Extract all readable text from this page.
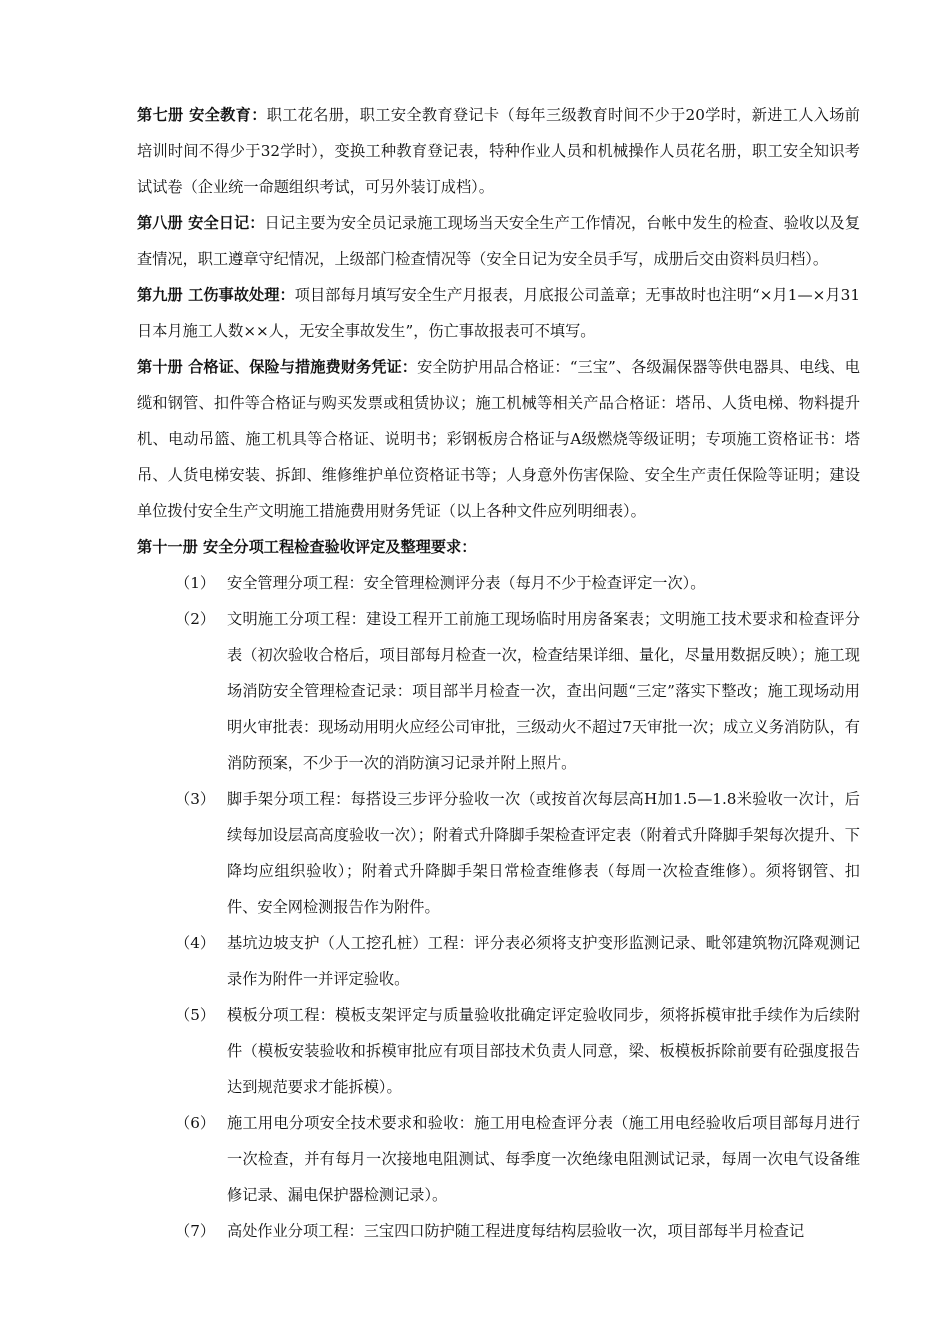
第七册 安全教育：职工花名册，职工安全教育登记卡（每年三级教育时间不少于20学时，新进工人入场前培训时间不得少于32学时），变换工种教育登记表，特种作业人员和机械操作人员花名册，职工安全知识考试试卷（企业统一命题组织考试，可另外装订成档）。

第八册 安全日记：日记主要为安全员记录施工现场当天安全生产工作情况，台帐中发生的检查、验收以及复查情况，职工遵章守纪情况，上级部门检查情况等（安全日记为安全员手写，成册后交由资料员归档）。

第九册 工伤事故处理：项目部每月填写安全生产月报表，月底报公司盖章；无事故时也注明“×月1—×月31日本月施工人数××人，无安全事故发生”，伤亡事故报表可不填写。

第十册 合格证、保险与措施费财务凭证：安全防护用品合格证：“三宝”、各级漏保器等供电器具、电线、电缆和钢管、扣件等合格证与购买发票或租赁协议；施工机械等相关产品合格证：塔吊、人货电梯、物料提升机、电动吊篮、施工机具等合格证、说明书；彩钢板房合格证与A级燃烧等级证明；专项施工资格证书：塔吊、人货电梯安装、拆卸、维修维护单位资格证书等；人身意外伤害保险、安全生产责任保险等证明；建设单位拨付安全生产文明施工措施费用财务凭证（以上各种文件应列明细表）。

第十一册 安全分项工程检查验收评定及整理要求：

（1） 安全管理分项工程：安全管理检测评分表（每月不少于检查评定一次）。
（2） 文明施工分项工程：建设工程开工前施工现场临时用房备案表；文明施工技术要求和检查评分表（初次验收合格后，项目部每月检查一次，检查结果详细、量化，尽量用数据反映）；施工现场消防安全管理检查记录：项目部半月检查一次，查出问题“三定”落实下整改；施工现场动用明火审批表：现场动用明火应经公司审批，三级动火不超过7天审批一次；成立义务消防队，有消防预案，不少于一次的消防演习记录并附上照片。
（3） 脚手架分项工程：每搭设三步评分验收一次（或按首次每层高H加1.5—1.8米验收一次计，后续每加设层高高度验收一次）；附着式升降脚手架检查评定表（附着式升降脚手架每次提升、下降均应组织验收）；附着式升降脚手架日常检查维修表（每周一次检查维修）。须将钢管、扣件、安全网检测报告作为附件。
（4） 基坑边坡支护（人工挖孔桩）工程：评分表必须将支护变形监测记录、毗邻建筑物沉降观测记录作为附件一并评定验收。
（5） 模板分项工程：模板支架评定与质量验收批确定评定验收同步，须将拆模审批手续作为后续附件（模板安装验收和拆模审批应有项目部技术负责人同意，梁、板模板拆除前要有砼强度报告达到规范要求才能拆模）。
（6） 施工用电分项安全技术要求和验收：施工用电检查评分表（施工用电经验收后项目部每月进行一次检查，并有每月一次接地电阻测试、每季度一次绝缘电阻测试记录，每周一次电气设备维修记录、漏电保护器检测记录）。
（7） 高处作业分项工程：三宝四口防护随工程进度每结构层验收一次，项目部每半月检查记
